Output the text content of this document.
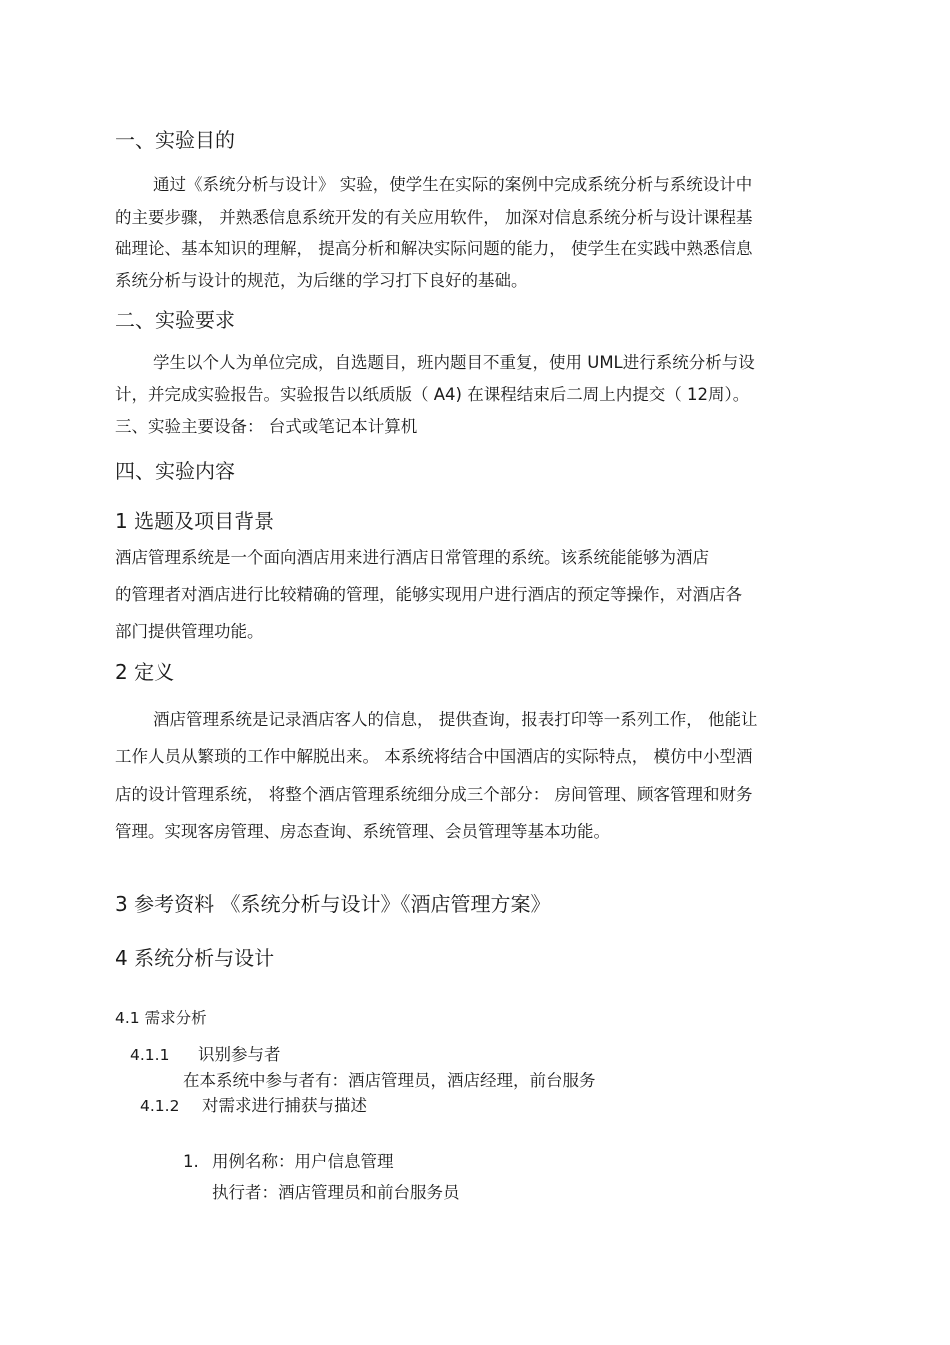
一、实验目的
通过《系统分析与设计》 实验，使学生在实际的案例中完成系统分析与系统设计中
的主要步骤， 并熟悉信息系统开发的有关应用软件， 加深对信息系统分析与设计课程基
础理论、基本知识的理解， 提高分析和解决实际问题的能力， 使学生在实践中熟悉信息
系统分析与设计的规范，为后继的学习打下良好的基础。
二、实验要求
学生以个人为单位完成，自选题目，班内题目不重复，使用 UML进行系统分析与设
计，并完成实验报告。实验报告以纸质版（ A4) 在课程结束后二周上内提交（ 12周）。
三、实验主要设备： 台式或笔记本计算机
四、实验内容
1 选题及项目背景
酒店管理系统是一个面向酒店用来进行酒店日常管理的系统。该系统能能够为酒店
的管理者对酒店进行比较精确的管理，能够实现用户进行酒店的预定等操作，对酒店各
部门提供管理功能。
2 定义
酒店管理系统是记录酒店客人的信息， 提供查询，报表打印等一系列工作， 他能让
工作人员从繁琐的工作中解脱出来。 本系统将结合中国酒店的实际特点， 模仿中小型酒
店的设计管理系统， 将整个酒店管理系统细分成三个部分： 房间管理、顾客管理和财务
管理。实现客房管理、房态查询、系统管理、会员管理等基本功能。
3 参考资料 《系统分析与设计》《酒店管理方案》
4 系统分析与设计
4.1 需求分析
4.1.1 识别参与者
在本系统中参与者有：酒店管理员，酒店经理，前台服务
4.1.2 对需求进行捕获与描述
1. 用例名称：用户信息管理
执行者：酒店管理员和前台服务员
